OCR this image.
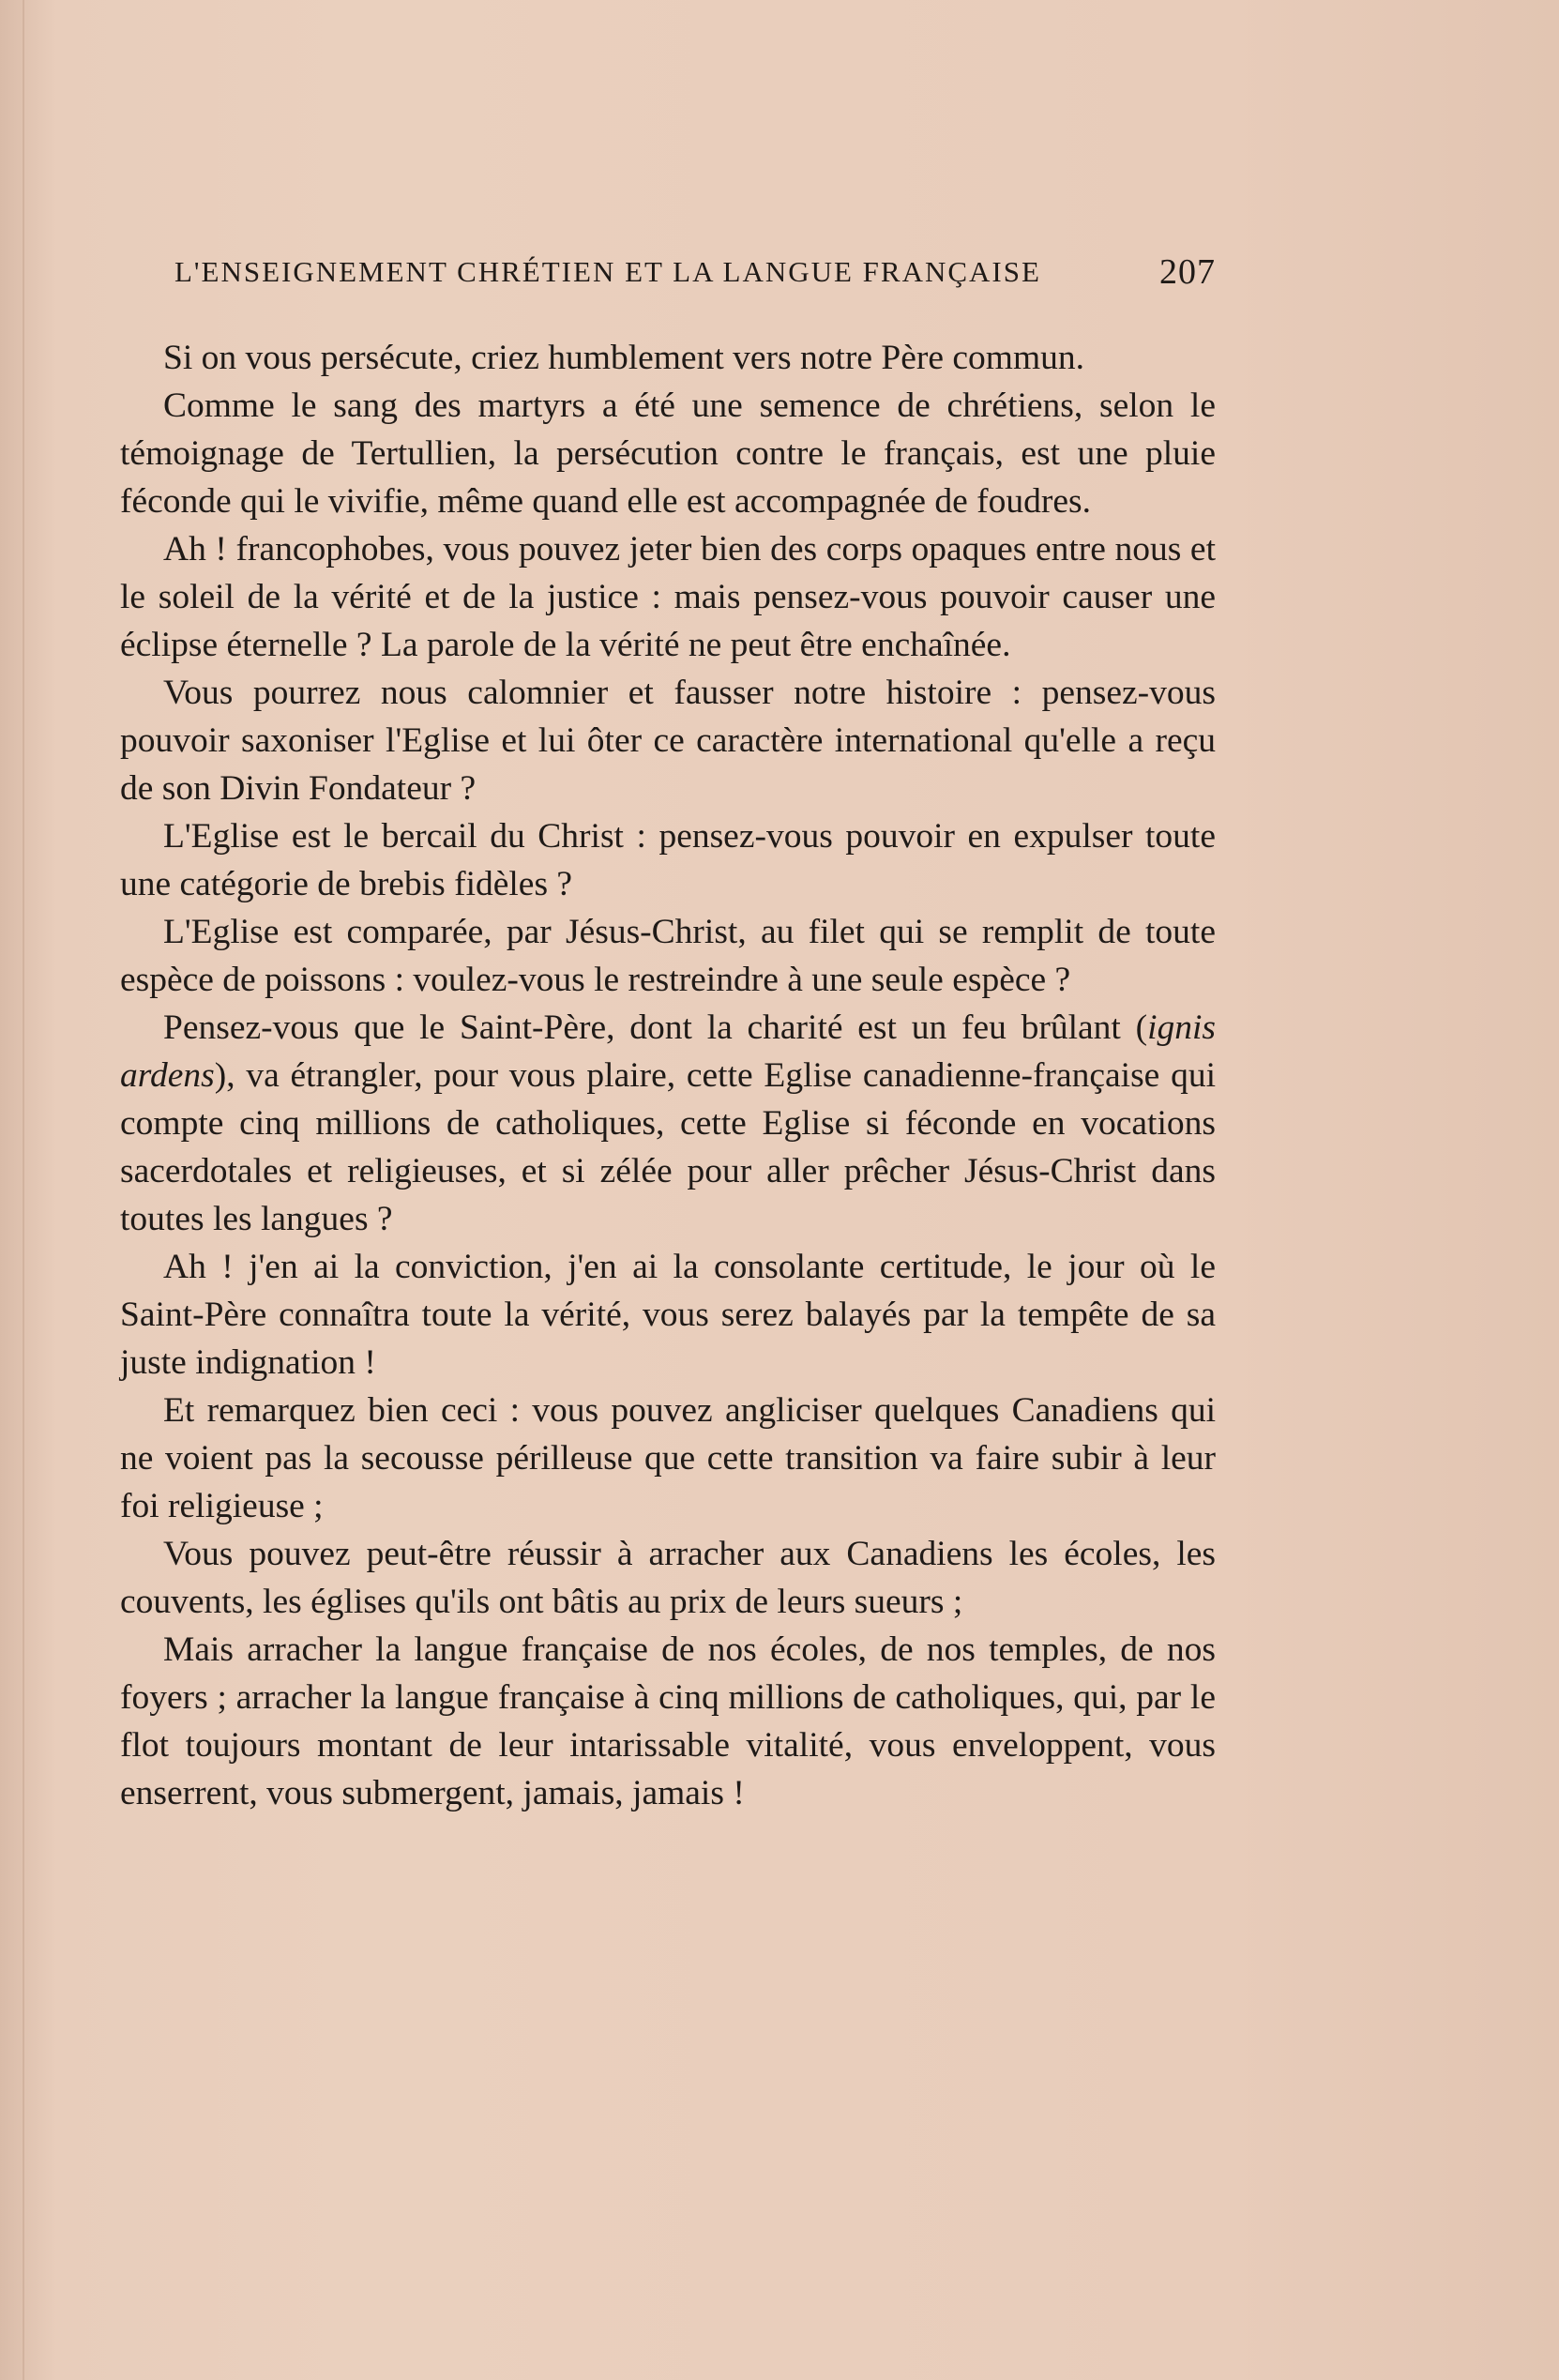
L'ENSEIGNEMENT CHRÉTIEN ET LA LANGUE FRANÇAISE	207

Si on vous persécute, criez humblement vers notre Père commun.

Comme le sang des martyrs a été une semence de chrétiens, selon le témoignage de Tertullien, la persécution contre le français, est une pluie féconde qui le vivifie, même quand elle est accompagnée de foudres.

Ah ! francophobes, vous pouvez jeter bien des corps opaques entre nous et le soleil de la vérité et de la justice : mais pensez-vous pouvoir causer une éclipse éternelle ? La parole de la vérité ne peut être enchaînée.

Vous pourrez nous calomnier et fausser notre histoire : pensez-vous pouvoir saxoniser l'Eglise et lui ôter ce caractère international qu'elle a reçu de son Divin Fondateur ?

L'Eglise est le bercail du Christ : pensez-vous pouvoir en expulser toute une catégorie de brebis fidèles ?

L'Eglise est comparée, par Jésus-Christ, au filet qui se remplit de toute espèce de poissons : voulez-vous le restreindre à une seule espèce ?

Pensez-vous que le Saint-Père, dont la charité est un feu brûlant (ignis ardens), va étrangler, pour vous plaire, cette Eglise canadienne-française qui compte cinq millions de catholiques, cette Eglise si féconde en vocations sacerdotales et religieuses, et si zélée pour aller prêcher Jésus-Christ dans toutes les langues ?

Ah ! j'en ai la conviction, j'en ai la consolante certitude, le jour où le Saint-Père connaîtra toute la vérité, vous serez balayés par la tempête de sa juste indignation !

Et remarquez bien ceci : vous pouvez angliciser quelques Canadiens qui ne voient pas la secousse périlleuse que cette transition va faire subir à leur foi religieuse ;

Vous pouvez peut-être réussir à arracher aux Canadiens les écoles, les couvents, les églises qu'ils ont bâtis au prix de leurs sueurs ;

Mais arracher la langue française de nos écoles, de nos temples, de nos foyers ; arracher la langue française à cinq millions de catholiques, qui, par le flot toujours montant de leur intarissable vitalité, vous enveloppent, vous enserrent, vous submergent, jamais, jamais !
